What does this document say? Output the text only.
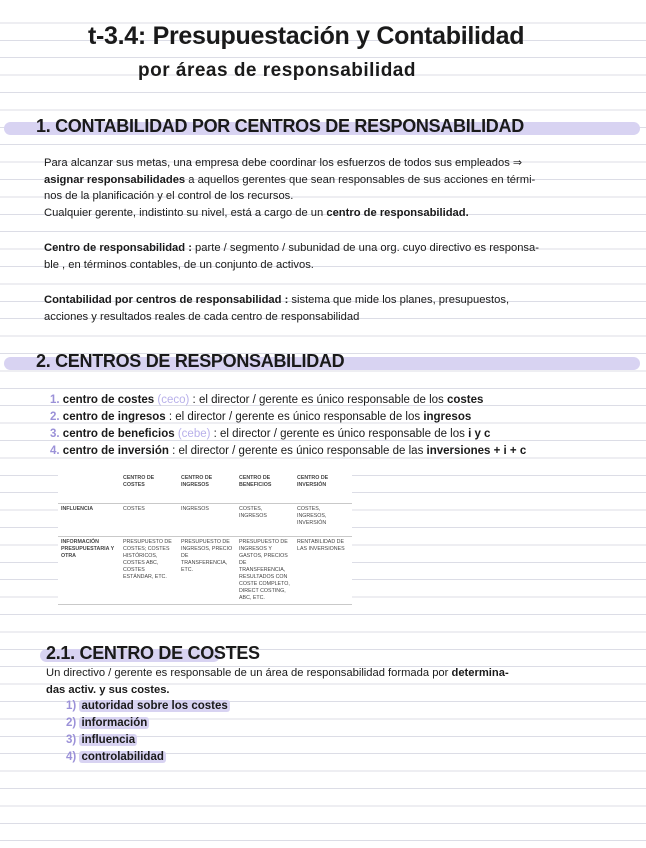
t-3.4: Presupuestación y Contabilidad
por áreas de responsabilidad
1. CONTABILIDAD POR CENTROS DE RESPONSABILIDAD
Para alcanzar sus metas, una empresa debe coordinar los esfuerzos de todos sus empleados ⇒
asignar responsabilidades a aquellos gerentes que sean responsables de sus acciones en térmi-
nos de la planificación y el control de los recursos.
Cualquier gerente, indistinto su nivel, está a cargo de un centro de responsabilidad.
Centro de responsabilidad : parte / segmento / subunidad de una org. cuyo directivo es responsa-
ble , en términos contables, de un conjunto de activos.
Contabilidad por centros de responsabilidad : sistema que mide los planes, presupuestos,
acciones y resultados reales de cada centro de responsabilidad
2. CENTROS DE RESPONSABILIDAD
1. centro de costes (ceco) : el director / gerente es único responsable de los costes
2. centro de ingresos : el director / gerente es único responsable de los ingresos
3. centro de beneficios (cebe) : el director / gerente es único responsable de los i y c
4. centro de inversión : el director / gerente es único responsable de las inversiones + i + c
	CENTRO DE COSTES	CENTRO DE INGRESOS	CENTRO DE BENEFICIOS	CENTRO DE INVERSIÓN
INFLUENCIA	COSTES	INGRESOS	COSTES, INGRESOS	COSTES, INGRESOS, INVERSIÓN
INFORMACIÓN PRESUPUESTARIA Y OTRA	PRESUPUESTO DE COSTES; COSTES HISTÓRICOS, COSTES ABC, COSTES ESTÁNDAR, ETC.	PRESUPUESTO DE INGRESOS, PRECIO DE TRANSFERENCIA, ETC.	PRESUPUESTO DE INGRESOS Y GASTOS, PRECIOS DE TRANSFERENCIA, RESULTADOS CON COSTE COMPLETO, DIRECT COSTING, ABC, ETC.	RENTABILIDAD DE LAS INVERSIONES
2.1. CENTRO DE COSTES
Un directivo / gerente es responsable de un área de responsabilidad formada por determina-
das activ. y sus costes.
1) autoridad sobre los costes
2) información
3) influencia
4) controlabilidad
